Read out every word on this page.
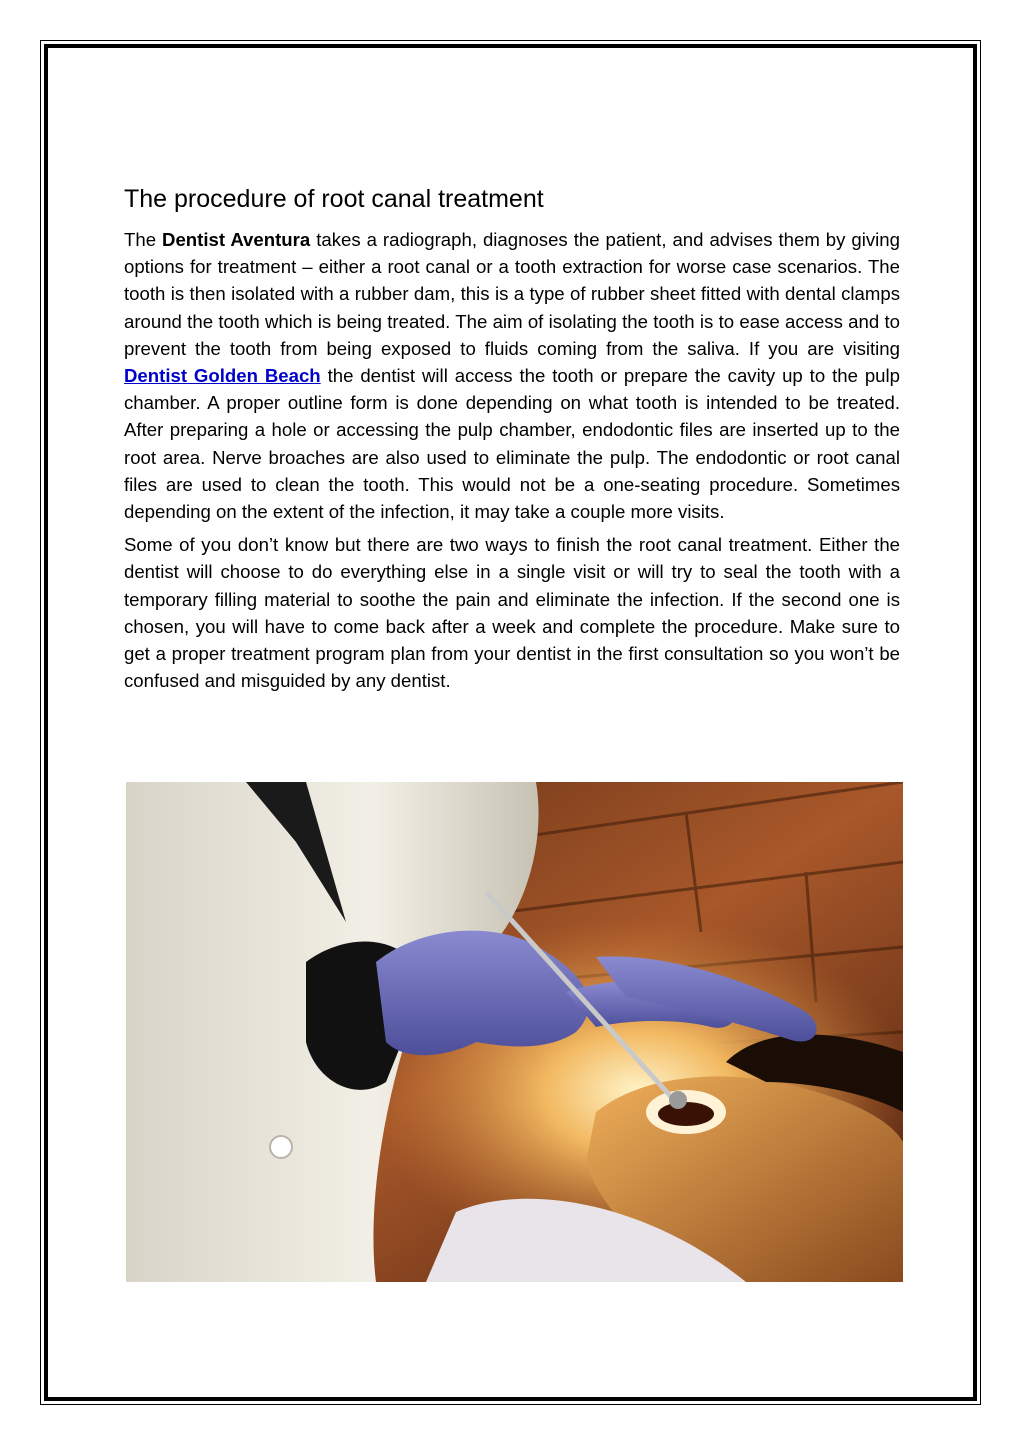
The procedure of root canal treatment

The Dentist Aventura takes a radiograph, diagnoses the patient, and advises them by giving options for treatment – either a root canal or a tooth extraction for worse case scenarios. The tooth is then isolated with a rubber dam, this is a type of rubber sheet fitted with dental clamps around the tooth which is being treated. The aim of isolating the tooth is to ease access and to prevent the tooth from being exposed to fluids coming from the saliva. If you are visiting Dentist Golden Beach the dentist will access the tooth or prepare the cavity up to the pulp chamber. A proper outline form is done depending on what tooth is intended to be treated. After preparing a hole or accessing the pulp chamber, endodontic files are inserted up to the root area. Nerve broaches are also used to eliminate the pulp. The endodontic or root canal files are used to clean the tooth. This would not be a one-seating procedure. Sometimes depending on the extent of the infection, it may take a couple more visits.

Some of you don’t know but there are two ways to finish the root canal treatment. Either the dentist will choose to do everything else in a single visit or will try to seal the tooth with a temporary filling material to soothe the pain and eliminate the infection. If the second one is chosen, you will have to come back after a week and complete the procedure. Make sure to get a proper treatment program plan from your dentist in the first consultation so you won’t be confused and misguided by any dentist.
